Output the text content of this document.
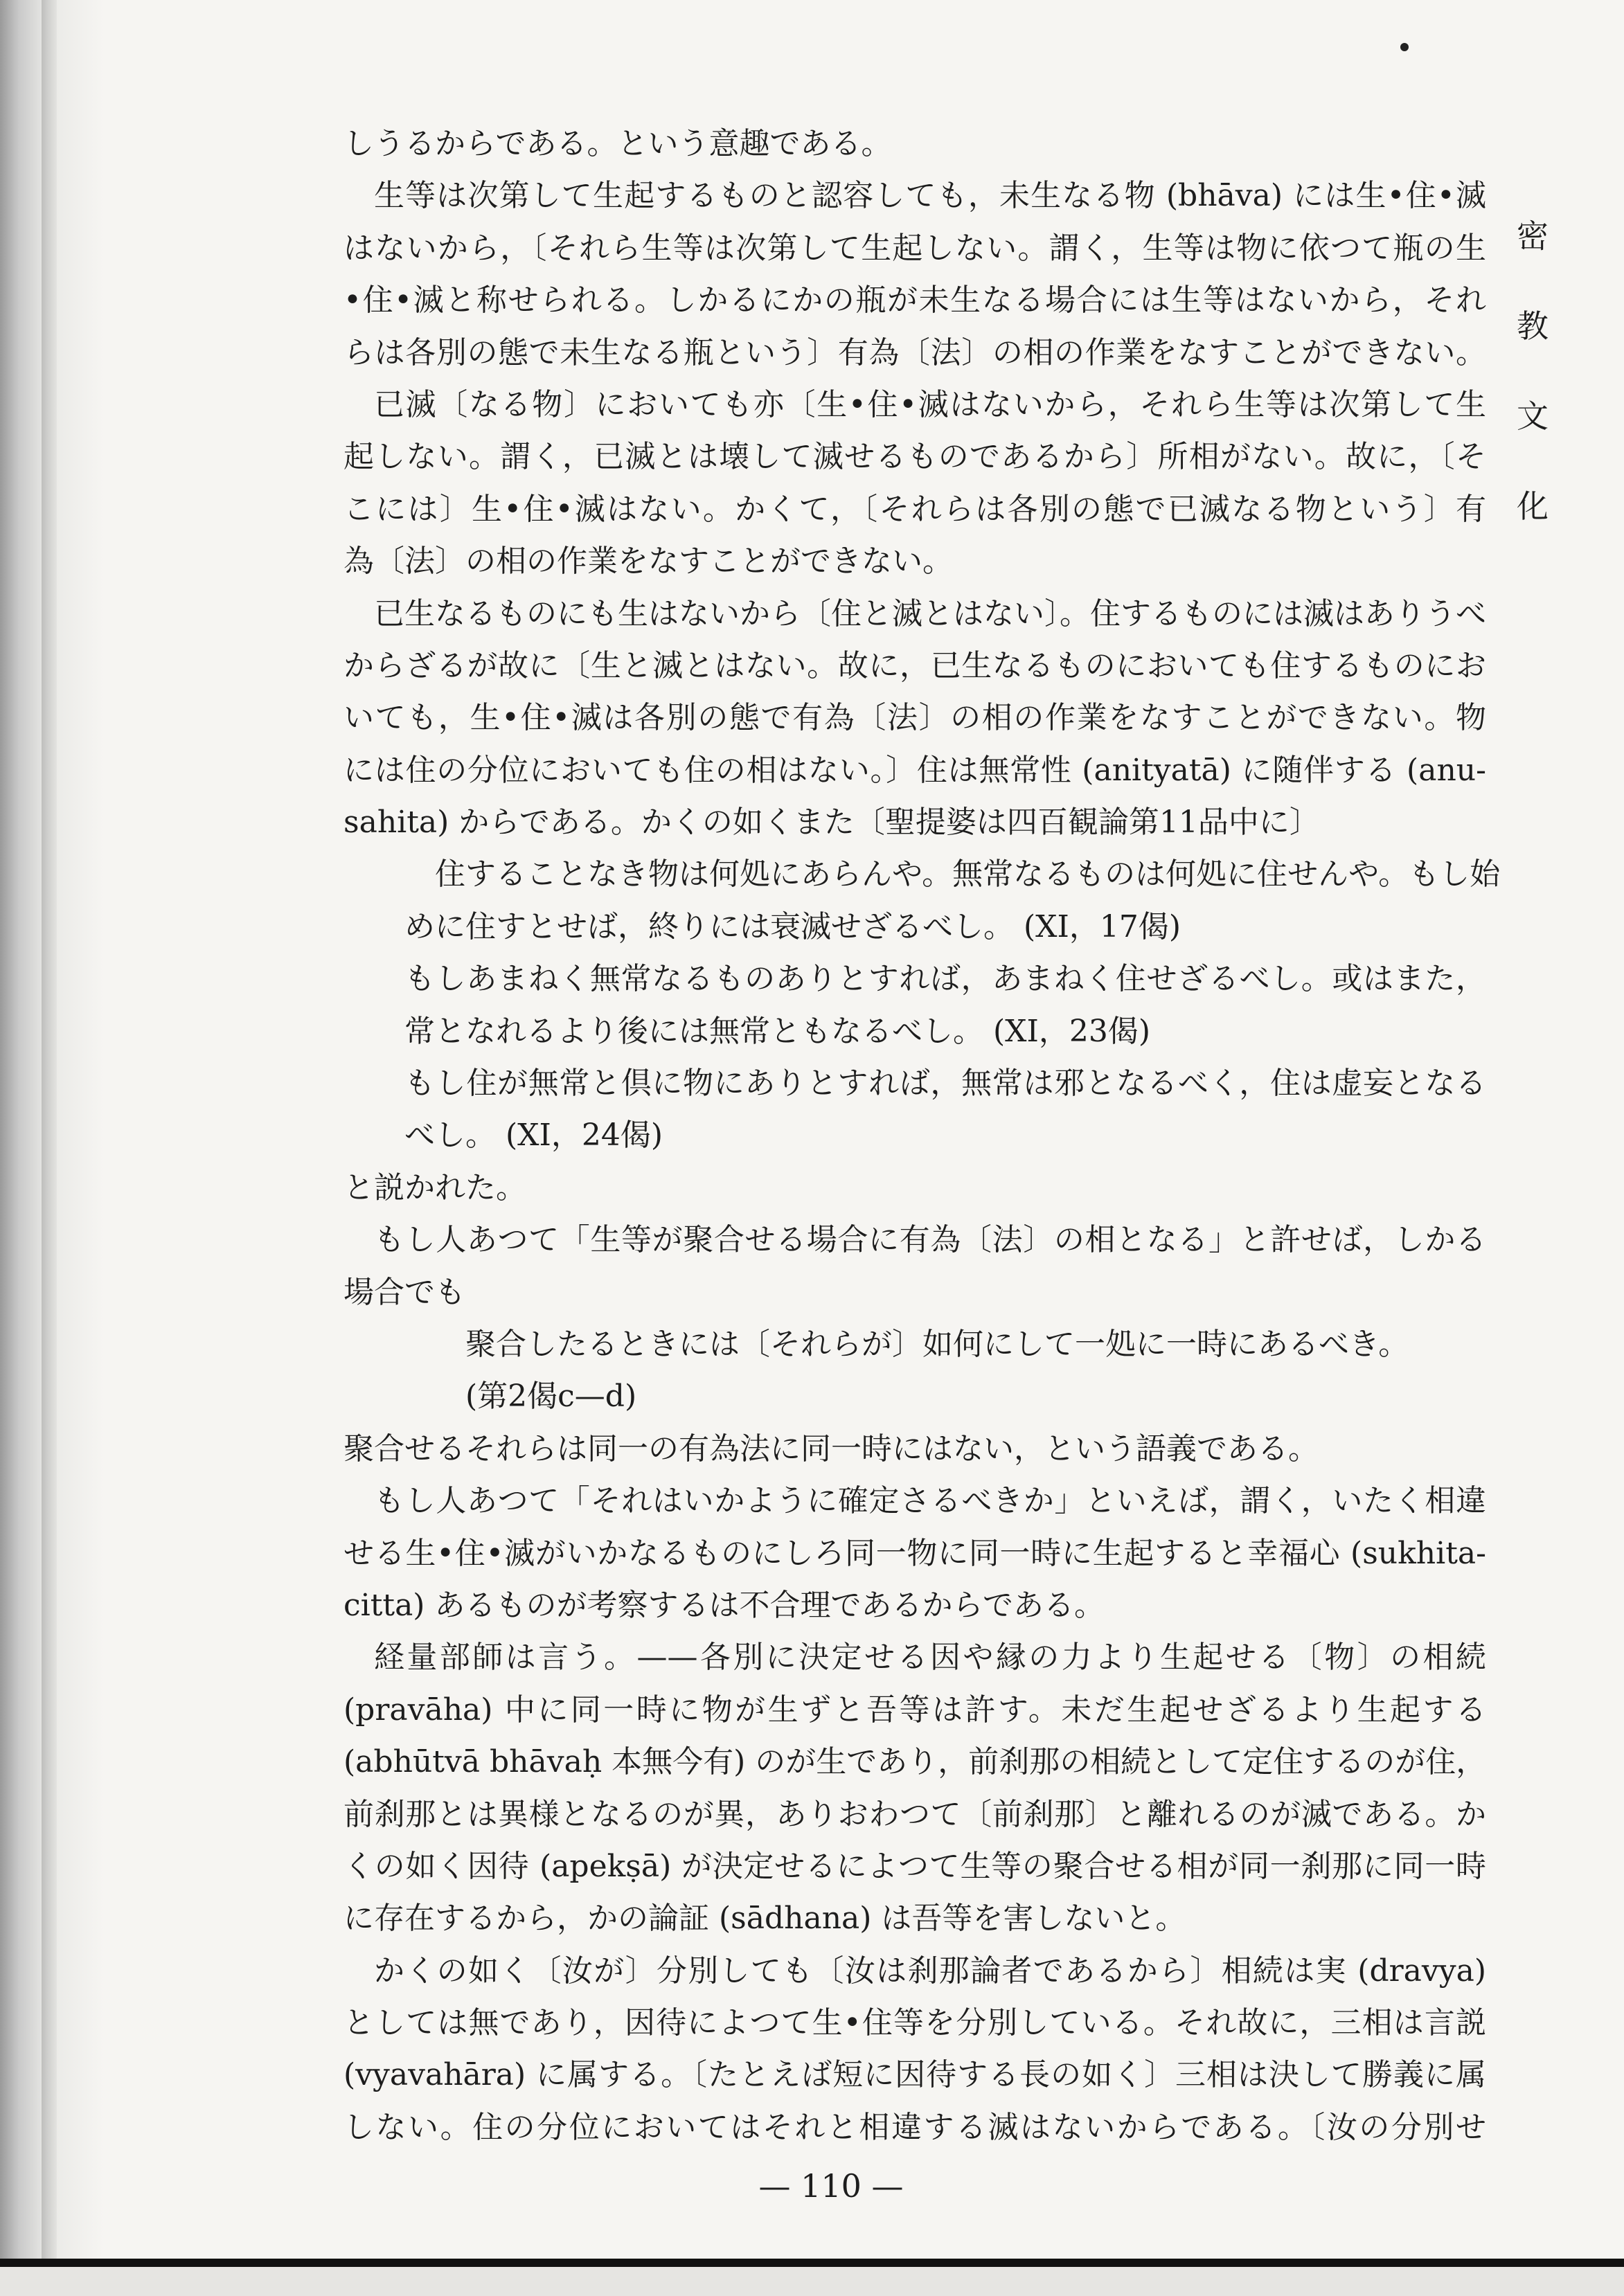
密
教
文
化
しうるからである。という意趣である。
生等は次第して生起するものと認容しても，未生なる物 (bhāva) には生•住•滅
はないから，〔それら生等は次第して生起しない。謂く，生等は物に依つて瓶の生
•住•滅と称せられる。しかるにかの瓶が未生なる場合には生等はないから，それ
らは各別の態で未生なる瓶という〕有為〔法〕の相の作業をなすことができない。
已滅〔なる物〕においても亦〔生•住•滅はないから，それら生等は次第して生
起しない。謂く，已滅とは壊して滅せるものであるから〕所相がない。故に，〔そ
こには〕生•住•滅はない。かくて，〔それらは各別の態で已滅なる物という〕有
為〔法〕の相の作業をなすことができない。
已生なるものにも生はないから〔住と滅とはない〕。住するものには滅はありうべ
からざるが故に〔生と滅とはない。故に，已生なるものにおいても住するものにお
いても，生•住•滅は各別の態で有為〔法〕の相の作業をなすことができない。物
には住の分位においても住の相はない。〕住は無常性 (anityatā) に随伴する (anu-
sahita) からである。かくの如くまた〔聖提婆は四百観論第11品中に〕
住することなき物は何処にあらんや。無常なるものは何処に住せんや。もし始
めに住すとせば，終りには衰滅せざるべし。 (XI，17偈)
もしあまねく無常なるものありとすれば，あまねく住せざるべし。或はまた，
常となれるより後には無常ともなるべし。 (XI，23偈)
もし住が無常と倶に物にありとすれば，無常は邪となるべく，住は虚妄となる
べし。 (XI，24偈)
と説かれた。
もし人あつて「生等が聚合せる場合に有為〔法〕の相となる」と許せば，しかる
場合でも
聚合したるときには〔それらが〕如何にして一処に一時にあるべき。
(第2偈c—d)
聚合せるそれらは同一の有為法に同一時にはない，という語義である。
もし人あつて「それはいかように確定さるべきか」といえば，謂く，いたく相違
せる生•住•滅がいかなるものにしろ同一物に同一時に生起すると幸福心 (sukhita-
citta) あるものが考察するは不合理であるからである。
経量部師は言う。——各別に決定せる因や縁の力より生起せる〔物〕の相続
(pravāha) 中に同一時に物が生ずと吾等は許す。未だ生起せざるより生起する
(abhūtvā bhāvaḥ 本無今有) のが生であり，前刹那の相続として定住するのが住，
前刹那とは異様となるのが異，ありおわつて〔前刹那〕と離れるのが滅である。か
くの如く因待 (apekṣā) が決定せるによつて生等の聚合せる相が同一刹那に同一時
に存在するから，かの論証 (sādhana) は吾等を害しないと。
かくの如く〔汝が〕分別しても〔汝は刹那論者であるから〕相続は実 (dravya)
としては無であり，因待によつて生•住等を分別している。それ故に，三相は言説
(vyavahāra) に属する。〔たとえば短に因待する長の如く〕三相は決して勝義に属
しない。住の分位においてはそれと相違する滅はないからである。〔汝の分別せ
— 110 —
